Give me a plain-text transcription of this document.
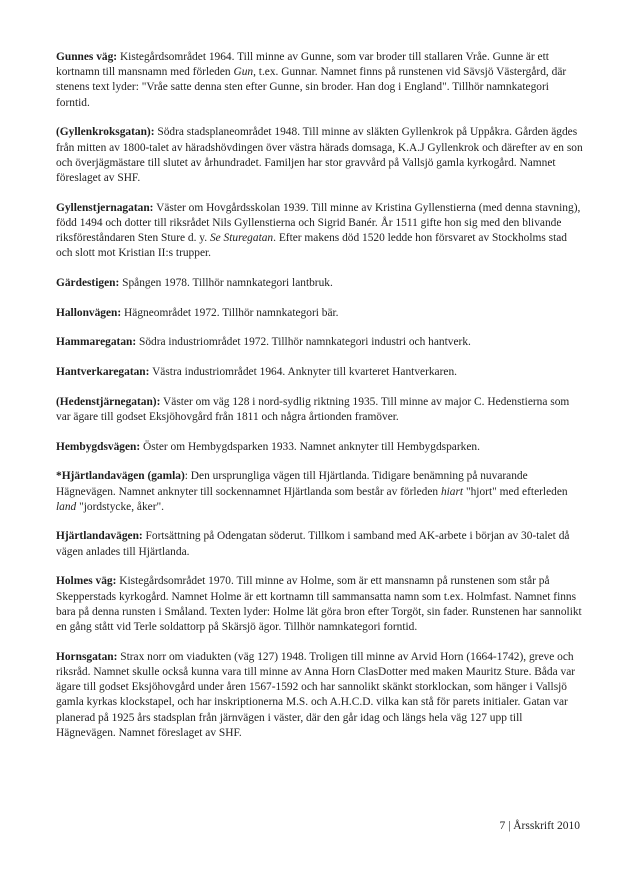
Gunnes väg: Kistegårdsområdet 1964. Till minne av Gunne, som var broder till stallaren Vråe. Gunne är ett kortnamn till mansnamn med förleden Gun, t.ex. Gunnar. Namnet finns på runstenen vid Sävsjö Västergård, där stenens text lyder: "Vråe satte denna sten efter Gunne, sin broder. Han dog i England". Tillhör namnkategori forntid.

(Gyllenkroksgatan): Södra stadsplaneområdet 1948. Till minne av släkten Gyllenkrok på Uppåkra. Gården ägdes från mitten av 1800-talet av häradshövdingen över västra härads domsaga, K.A.J Gyllenkrok och därefter av en son och överjägmästare till slutet av århundradet. Familjen har stor gravvård på Vallsjö gamla kyrkogård. Namnet föreslaget av SHF.

Gyllenstjernagatan: Väster om Hovgårdsskolan 1939. Till minne av Kristina Gyllenstierna (med denna stavning), född 1494 och dotter till riksrådet Nils Gyllenstierna och Sigrid Banér. År 1511 gifte hon sig med den blivande riksföreståndaren Sten Sture d. y. Se Sturegatan. Efter makens död 1520 ledde hon försvaret av Stockholms stad och slott mot Kristian II:s trupper.

Gärdestigen: Spången 1978. Tillhör namnkategori lantbruk.

Hallonvägen: Hägneområdet 1972. Tillhör namnkategori bär.

Hammaregatan: Södra industriområdet 1972. Tillhör namnkategori industri och hantverk.

Hantverkaregatan: Västra industriområdet 1964. Anknyter till kvarteret Hantverkaren.

(Hedenstjärnegatan): Väster om väg 128 i nord-sydlig riktning 1935. Till minne av major C. Hedenstierna som var ägare till godset Eksjöhovgård från 1811 och några årtionden framöver.

Hembygdsvägen: Öster om Hembygdsparken 1933. Namnet anknyter till Hembygdsparken.

*Hjärtlandavägen (gamla): Den ursprungliga vägen till Hjärtlanda. Tidigare benämning på nuvarande Hägnevägen. Namnet anknyter till sockennamnet Hjärtlanda som består av förleden hiart "hjort" med efterleden land "jordstycke, åker".

Hjärtlandavägen: Fortsättning på Odengatan söderut. Tillkom i samband med AK-arbete i början av 30-talet då vägen anlades till Hjärtlanda.

Holmes väg: Kistegårdsområdet 1970. Till minne av Holme, som är ett mansnamn på runstenen som står på Skepperstads kyrkogård. Namnet Holme är ett kortnamn till sammansatta namn som t.ex. Holmfast. Namnet finns bara på denna runsten i Småland. Texten lyder: Holme lät göra bron efter Torgöt, sin fader. Runstenen har sannolikt en gång stått vid Terle soldattorp på Skärsjö ägor. Tillhör namnkategori forntid.

Hornsgatan: Strax norr om viadukten (väg 127) 1948. Troligen till minne av Arvid Horn (1664-1742), greve och riksråd. Namnet skulle också kunna vara till minne av Anna Horn ClasDotter med maken Mauritz Sture. Båda var ägare till godset Eksjöhovgård under åren 1567-1592 och har sannolikt skänkt storklockan, som hänger i Vallsjö gamla kyrkas klockstapel, och har inskriptionerna M.S. och A.H.C.D. vilka kan stå för parets initialer. Gatan var planerad på 1925 års stadsplan från järnvägen i väster, där den går idag och längs hela väg 127 upp till Hägnevägen. Namnet föreslaget av SHF.

7 | Årsskrift 2010
